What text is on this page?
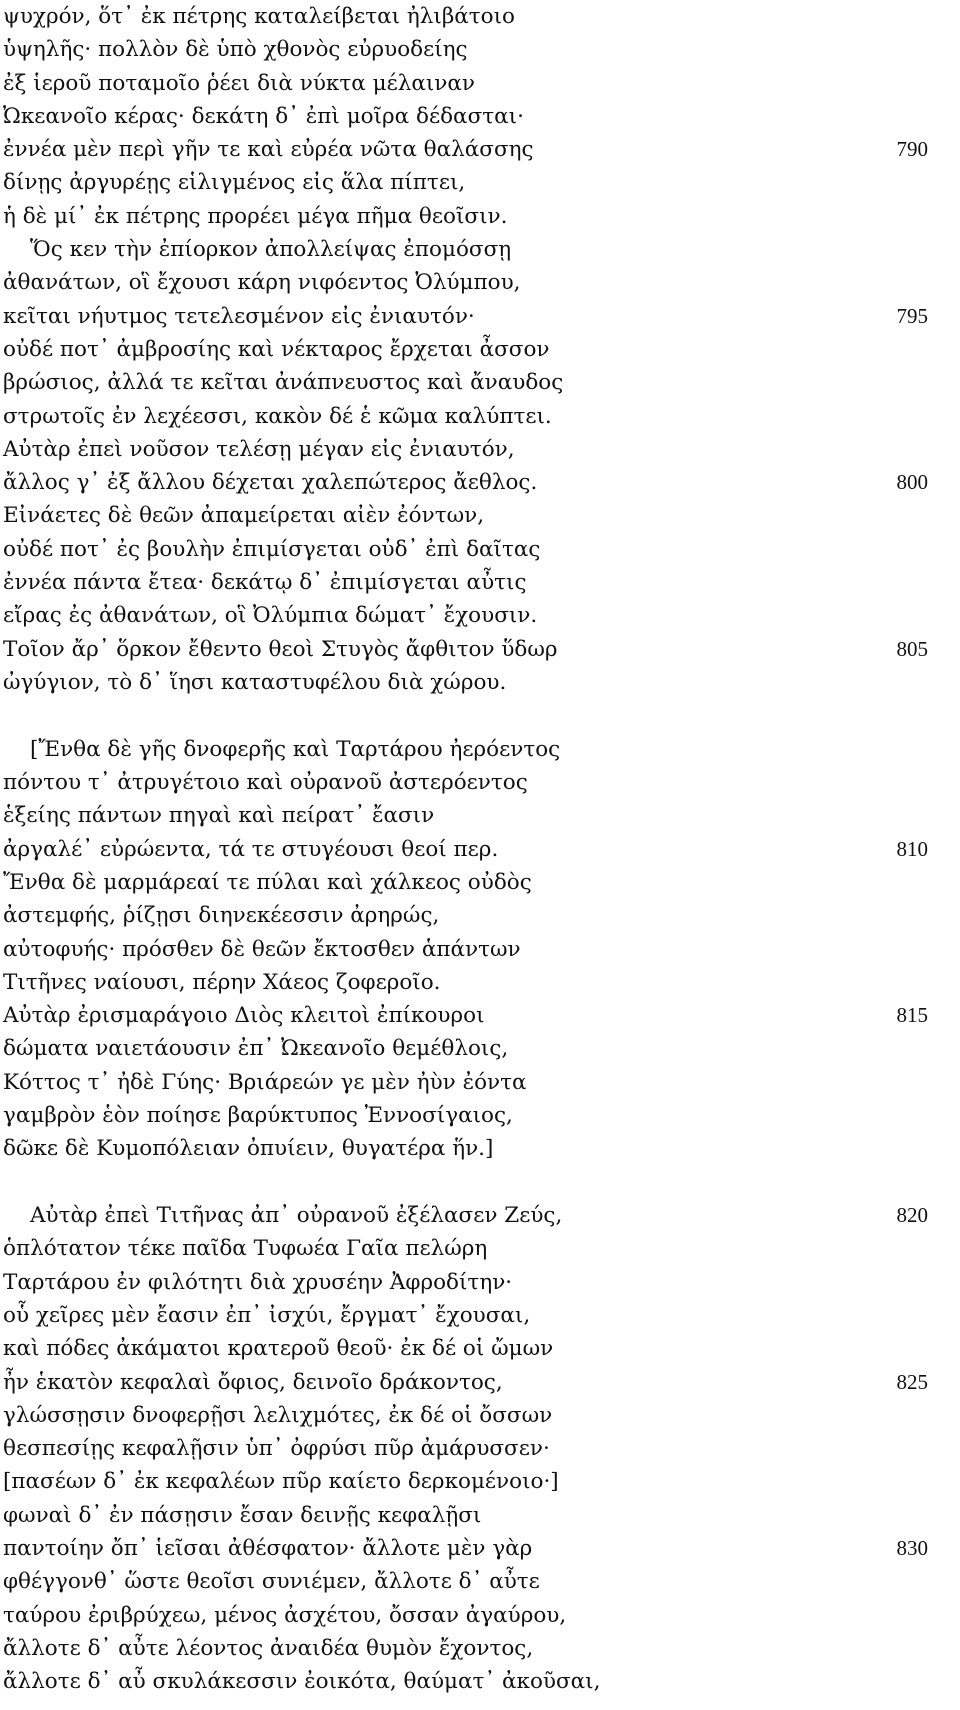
ψυχρόν, ὅτ᾽ ἐκ πέτρης καταλείβεται ἠλιβάτοιο
ὑψηλῆς· πολλὸν δὲ ὑπὸ χθονὸς εὐρυοδείης
ἐξ ἱεροῦ ποταμοῖο ῥέει διὰ νύκτα μέλαιναν
Ὠκεανοῖο κέρας· δεκάτη δ᾽ ἐπὶ μοῖρα δέδασται·
ἐννέα μὲν περὶ γῆν τε καὶ εὐρέα νῶτα θαλάσσης	790
δίνῃς ἀργυρέῃς εἱλιγμένος εἰς ἅλα πίπτει,
ἡ δὲ μί᾽ ἐκ πέτρης προρέει μέγα πῆμα θεοῖσιν.
Ὅς κεν τὴν ἐπίορκον ἀπολλείψας ἐπομόσσῃ
ἀθανάτων, οἳ ἔχουσι κάρη νιφόεντος Ὀλύμπου,
κεῖται νήυτμος τετελεσμένον εἰς ἐνιαυτόν·	795
οὐδέ ποτ᾽ ἀμβροσίης καὶ νέκταρος ἔρχεται ἆσσον
βρώσιος, ἀλλά τε κεῖται ἀνάπνευστος καὶ ἄναυδος
στρωτοῖς ἐν λεχέεσσι, κακὸν δέ ἑ κῶμα καλύπτει.
Αὐτὰρ ἐπεὶ νοῦσον τελέσῃ μέγαν εἰς ἐνιαυτόν,
ἄλλος γ᾽ ἐξ ἄλλου δέχεται χαλεπώτερος ἄεθλος.	800
Εἰνάετες δὲ θεῶν ἀπαμείρεται αἰὲν ἐόντων,
οὐδέ ποτ᾽ ἐς βουλὴν ἐπιμίσγεται οὐδ᾽ ἐπὶ δαῖτας
ἐννέα πάντα ἔτεα· δεκάτῳ δ᾽ ἐπιμίσγεται αὖτις
εἴρας ἐς ἀθανάτων, οἳ Ὀλύμπια δώματ᾽ ἔχουσιν.
Τοῖον ἄρ᾽ ὅρκον ἔθεντο θεοὶ Στυγὸς ἄφθιτον ὕδωρ	805
ὠγύγιον, τὸ δ᾽ ἵησι καταστυφέλου διὰ χώρου.
[Ἔνθα δὲ γῆς δνοφερῆς καὶ Ταρτάρου ἠερόεντος
πόντου τ᾽ ἀτρυγέτοιο καὶ οὐρανοῦ ἀστερόεντος
ἑξείης πάντων πηγαὶ καὶ πείρατ᾽ ἔασιν
ἀργαλέ᾽ εὐρώεντα, τά τε στυγέουσι θεοί περ.	810
Ἔνθα δὲ μαρμάρεαί τε πύλαι καὶ χάλκεος οὐδὸς
ἀστεμφής, ῥίζῃσι διηνεκέεσσιν ἀρηρώς,
αὐτοφυής· πρόσθεν δὲ θεῶν ἔκτοσθεν ἁπάντων
Τιτῆνες ναίουσι, πέρην Χάεος ζοφεροῖο.
Αὐτὰρ ἐρισμαράγοιο Διὸς κλειτοὶ ἐπίκουροι	815
δώματα ναιετάουσιν ἐπ᾽ Ὠκεανοῖο θεμέθλοις,
Κόττος τ᾽ ἠδὲ Γύης· Βριάρεών γε μὲν ἠὺν ἐόντα
γαμβρὸν ἑὸν ποίησε βαρύκτυπος Ἐννοσίγαιος,
δῶκε δὲ Κυμοπόλειαν ὀπυίειν, θυγατέρα ἥν.]
Αὐτὰρ ἐπεὶ Τιτῆνας ἀπ᾽ οὐρανοῦ ἐξέλασεν Ζεύς,	820
ὁπλότατον τέκε παῖδα Τυφωέα Γαῖα πελώρη
Ταρτάρου ἐν φιλότητι διὰ χρυσέην Ἀφροδίτην·
οὗ χεῖρες μὲν ἔασιν ἐπ᾽ ἰσχύι, ἔργματ᾽ ἔχουσαι,
καὶ πόδες ἀκάματοι κρατεροῦ θεοῦ· ἐκ δέ οἱ ὤμων
ἦν ἑκατὸν κεφαλαὶ ὄφιος, δεινοῖο δράκοντος,	825
γλώσσῃσιν δνοφερῇσι λελιχμότες, ἐκ δέ οἱ ὄσσων
θεσπεσίῃς κεφαλῇσιν ὑπ᾽ ὀφρύσι πῦρ ἀμάρυσσεν·
[πασέων δ᾽ ἐκ κεφαλέων πῦρ καίετο δερκομένοιο·]
φωναὶ δ᾽ ἐν πάσῃσιν ἔσαν δεινῇς κεφαλῇσι
παντοίην ὄπ᾽ ἱεῖσαι ἀθέσφατον· ἄλλοτε μὲν γὰρ	830
φθέγγονθ᾽ ὥστε θεοῖσι συνιέμεν, ἄλλοτε δ᾽ αὖτε
ταύρου ἐριβρύχεω, μένος ἀσχέτου, ὄσσαν ἀγαύρου,
ἄλλοτε δ᾽ αὖτε λέοντος ἀναιδέα θυμὸν ἔχοντος,
ἄλλοτε δ᾽ αὖ σκυλάκεσσιν ἐοικότα, θαύματ᾽ ἀκοῦσαι,
